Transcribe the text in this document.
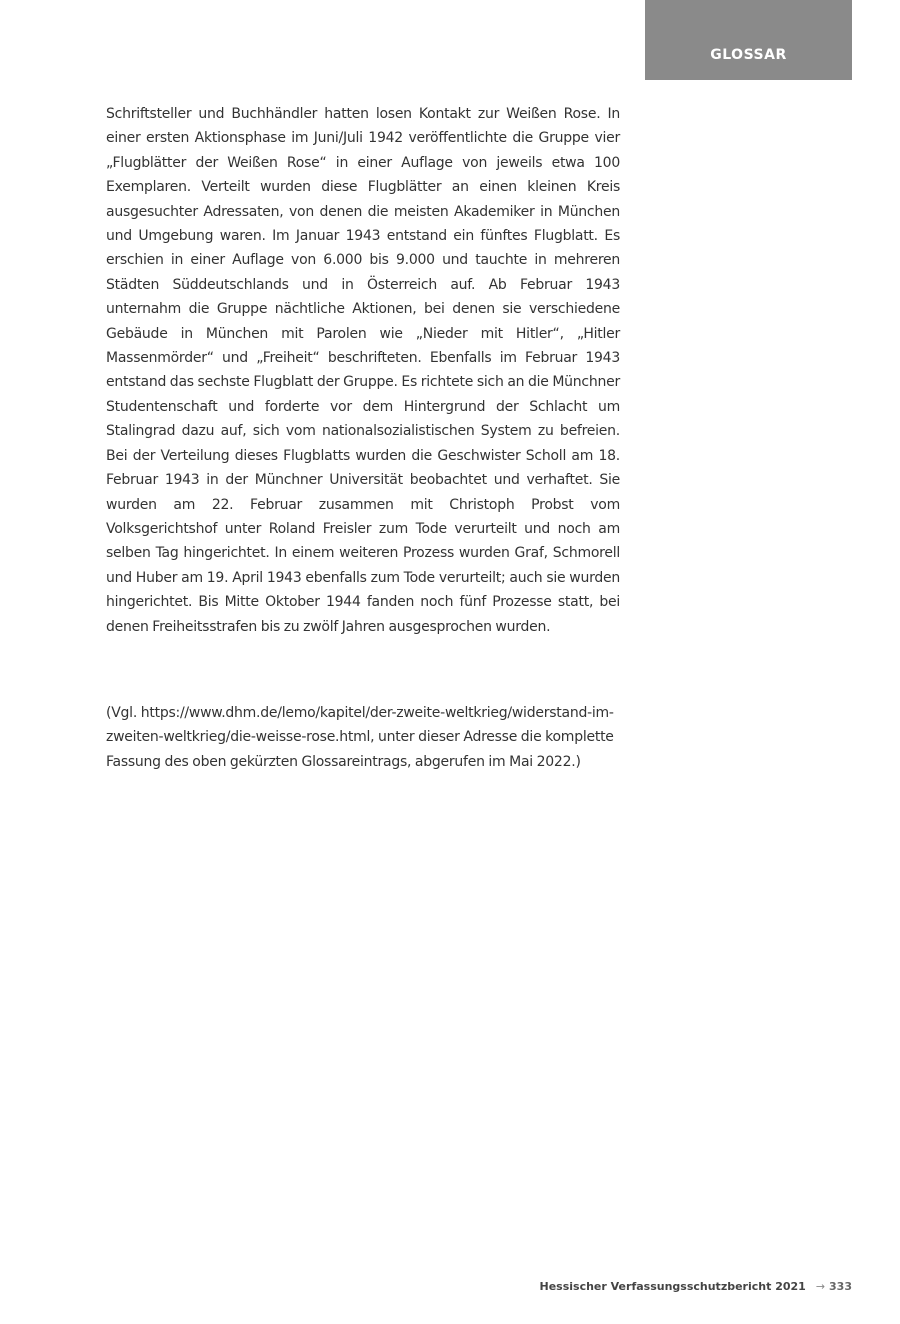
GLOSSAR

Schriftsteller und Buchhändler hatten losen Kontakt zur Weißen Rose. In einer ersten Aktionsphase im Juni/Juli 1942 veröffentlichte die Gruppe vier „Flugblätter der Weißen Rose“ in einer Auflage von jeweils etwa 100 Exemplaren. Verteilt wurden diese Flugblätter an einen kleinen Kreis ausgesuchter Adressaten, von denen die meisten Akademiker in München und Umgebung waren. Im Januar 1943 entstand ein fünftes Flugblatt. Es erschien in einer Auflage von 6.000 bis 9.000 und tauchte in mehreren Städten Süddeutschlands und in Österreich auf. Ab Februar 1943 unternahm die Gruppe nächtliche Aktionen, bei denen sie verschiedene Gebäude in München mit Parolen wie „Nieder mit Hitler“, „Hitler Massenmörder“ und „Freiheit“ beschrifteten. Ebenfalls im Februar 1943 entstand das sechste Flugblatt der Gruppe. Es richtete sich an die Münchner Studentenschaft und forderte vor dem Hintergrund der Schlacht um Stalingrad dazu auf, sich vom nationalsozialistischen System zu befreien. Bei der Verteilung dieses Flugblatts wurden die Geschwister Scholl am 18. Februar 1943 in der Münchner Universität beobachtet und verhaftet. Sie wurden am 22. Februar zusammen mit Christoph Probst vom Volksgerichtshof unter Roland Freisler zum Tode verurteilt und noch am selben Tag hingerichtet. In einem weiteren Prozess wurden Graf, Schmorell und Huber am 19. April 1943 ebenfalls zum Tode verurteilt; auch sie wurden hingerichtet. Bis Mitte Oktober 1944 fanden noch fünf Prozesse statt, bei denen Freiheitsstrafen bis zu zwölf Jahren ausgesprochen wurden.

(Vgl. https://www.dhm.de/lemo/kapitel/der-zweite-weltkrieg/widerstand-im-zweiten-weltkrieg/die-weisse-rose.html, unter dieser Adresse die komplette Fassung des oben gekürzten Glossareintrags, abgerufen im Mai 2022.)

Hessischer Verfassungsschutzbericht 2021 → 333
